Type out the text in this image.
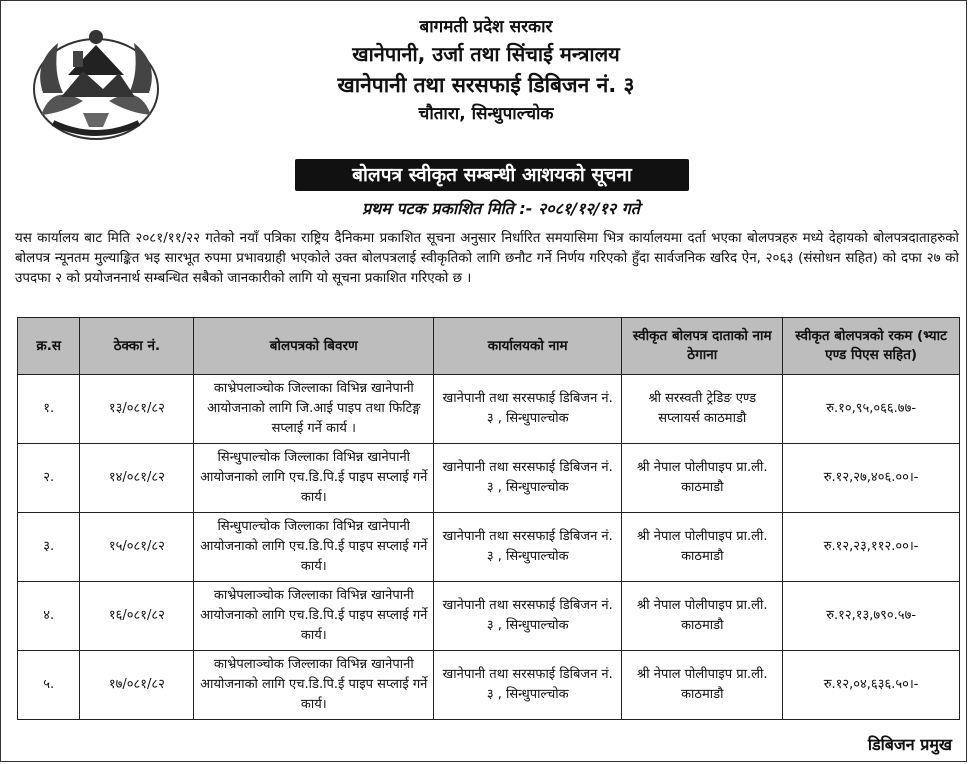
बागमती प्रदेश सरकार
खानेपानी, उर्जा तथा सिंचाई मन्त्रालय
खानेपानी तथा सरसफाई डिबिजन नं. ३
चौतारा, सिन्धुपाल्चोक
बोलपत्र स्वीकृत सम्बन्धी आशयको सूचना
प्रथम पटक प्रकाशित मिति :- २०८१/१२/१२ गते
यस कार्यालय बाट मिति २०८१/११/२२ गतेको नयाँ पत्रिका राष्ट्रिय दैनिकमा प्रकाशित सूचना अनुसार निर्धारित समयासिमा भित्र कार्यालयमा दर्ता भएका बोलपत्रहरु मध्ये देहायको बोलपत्रदाताहरुको बोलपत्र न्यूनतम मुल्याङ्कित भइ सारभूत रुपमा प्रभावग्राही भएकोले उक्त बोलपत्रलाई स्वीकृतिको लागि छनौट गर्ने निर्णय गरिएको हुँदा सार्वजनिक खरिद ऐन, २०६३ (संसोधन सहित) को दफा २७ को उपदफा २ को प्रयोजननार्थ सम्बन्धित सबैको जानकारीको लागि यो सूचना प्रकाशित गरिएको छ ।
क्र.स	ठेक्का नं.	बोलपत्रको बिवरण	कार्यालयको नाम	स्वीकृत बोलपत्र दाताको नाम ठेगाना	स्वीकृत बोलपत्रको रकम (भ्याट एण्ड पिएस सहित)
१.	१३/०८१/८२	काभ्रेपलाञ्चोक जिल्लाका विभिन्न खानेपानी आयोजनाको लागि जि.आई पाइप तथा फिटिङ्ग सप्लाई गर्ने कार्य ।	खानेपानी तथा सरसफाई डिबिजन नं. ३ , सिन्धुपाल्चोक	श्री सरस्वती ट्रेडिङ एण्ड सप्लायर्स काठमाडौ	रु.१०,९५,०६६.७७-
२.	१४/०८१/८२	सिन्धुपाल्चोक जिल्लाका विभिन्न खानेपानी आयोजनाको लागि एच.डि.पि.ई पाइप सप्लाई गर्ने कार्य।	खानेपानी तथा सरसफाई डिबिजन नं. ३ , सिन्धुपाल्चोक	श्री नेपाल पोलीपाइप प्रा.ली. काठमाडौ	रु.१२,२७,४०६.००।-
३.	१५/०८१/८२	सिन्धुपाल्चोक जिल्लाका विभिन्न खानेपानी आयोजनाको लागि एच.डि.पि.ई पाइप सप्लाई गर्ने कार्य।	खानेपानी तथा सरसफाई डिबिजन नं. ३ , सिन्धुपाल्चोक	श्री नेपाल पोलीपाइप प्रा.ली. काठमाडौ	रु.१२,२३,११२.००।-
४.	१६/०८१/८२	काभ्रेपलाञ्चोक जिल्लाका विभिन्न खानेपानी आयोजनाको लागि एच.डि.पि.ई पाइप सप्लाई गर्ने कार्य।	खानेपानी तथा सरसफाई डिबिजन नं. ३ , सिन्धुपाल्चोक	श्री नेपाल पोलीपाइप प्रा.ली. काठमाडौ	रु.१२,१३,७९०.५७-
५.	१७/०८१/८२	काभ्रेपलाञ्चोक जिल्लाका विभिन्न खानेपानी आयोजनाको लागि एच.डि.पि.ई पाइप सप्लाई गर्ने कार्य।	खानेपानी तथा सरसफाई डिबिजन नं. ३ , सिन्धुपाल्चोक	श्री नेपाल पोलीपाइप प्रा.ली. काठमाडौ	रु.१२,०४,६३६.५०।-
डिबिजन प्रमुख
